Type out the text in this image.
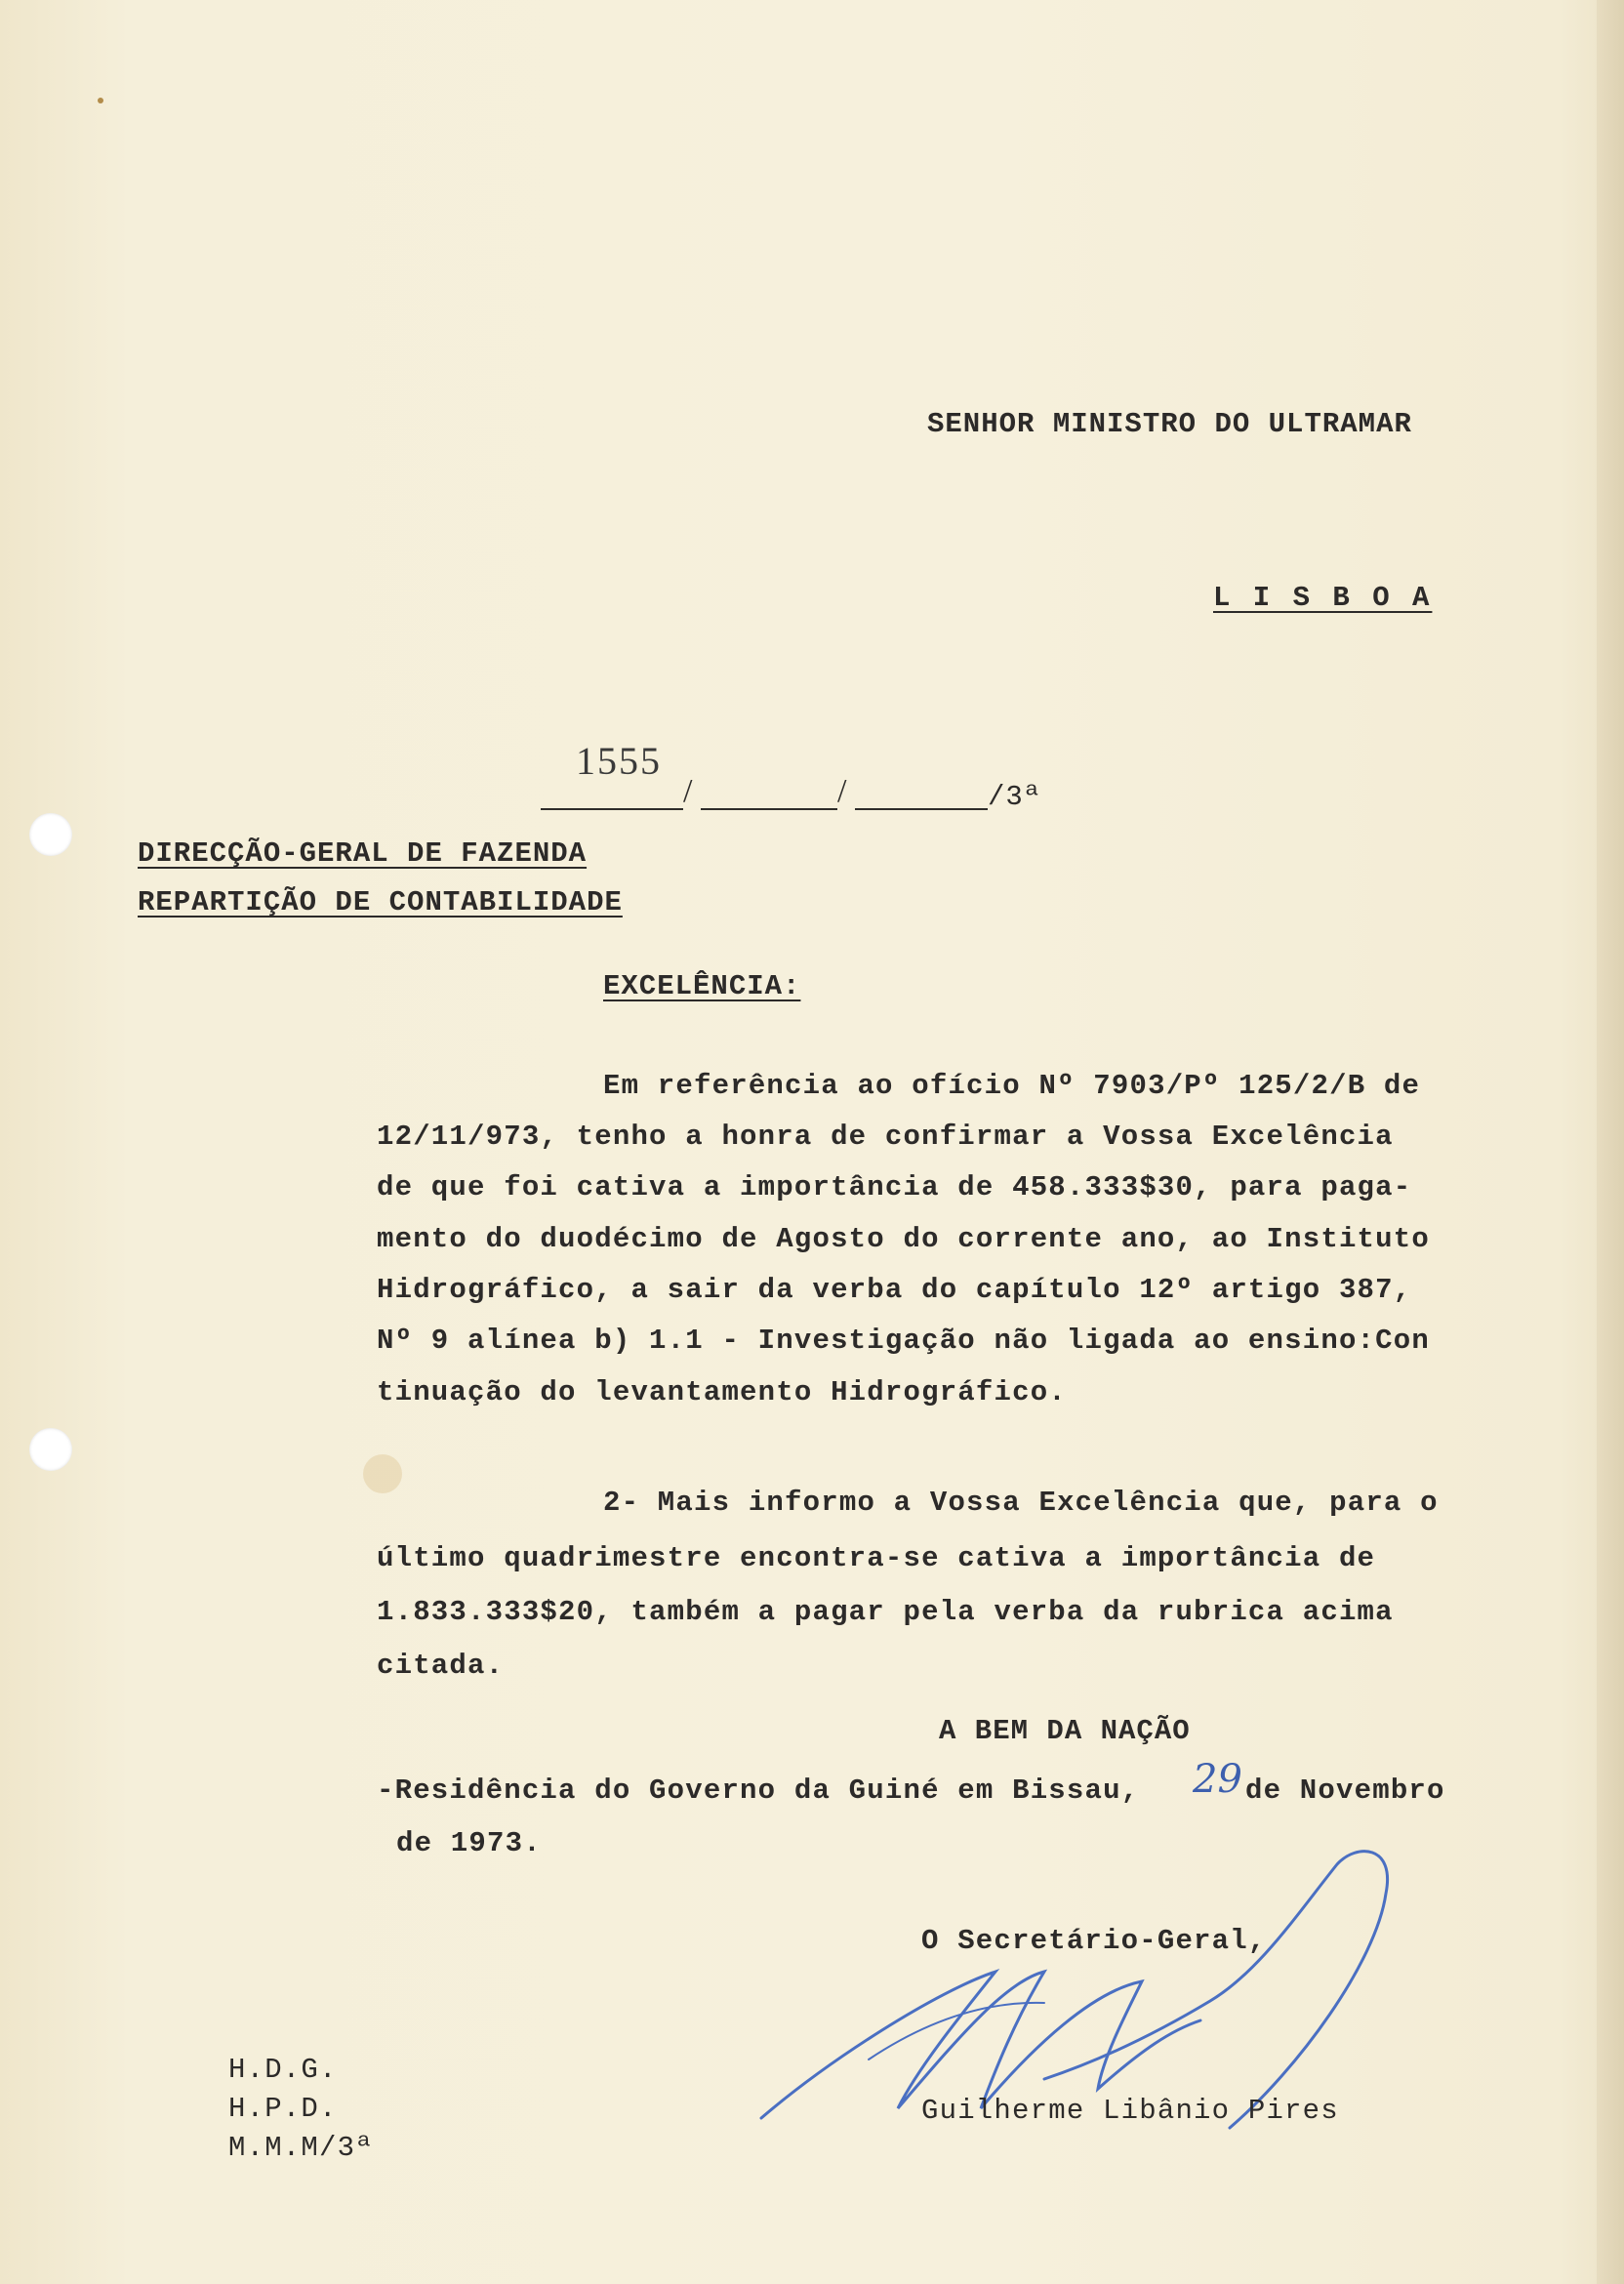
SENHOR MINISTRO DO ULTRAMAR
L I S B O A
1555
/	/	/3ª
DIRECÇÃO-GERAL DE FAZENDA
REPARTIÇÃO DE CONTABILIDADE
EXCELÊNCIA:
Em referência ao ofício Nº 7903/Pº 125/2/B de
12/11/973, tenho a honra de confirmar a Vossa Excelência
de que foi cativa a importância de 458.333$30, para paga-
mento do duodécimo de Agosto do corrente ano, ao Instituto
Hidrográfico, a sair da verba do capítulo 12º artigo 387,
Nº 9 alínea b) 1.1 - Investigação não ligada ao ensino:Con
tinuação do levantamento Hidrográfico.
2- Mais informo a Vossa Excelência que, para o
último quadrimestre encontra-se cativa a importância de
1.833.333$20, também a pagar pela verba da rubrica acima
citada.
A BEM DA NAÇÃO
-Residência do Governo da Guiné em Bissau, 29 de Novembro
de 1973.
O Secretário-Geral,
Guilherme Libânio Pires
H.D.G.
H.P.D.
M.M.M/3ª
